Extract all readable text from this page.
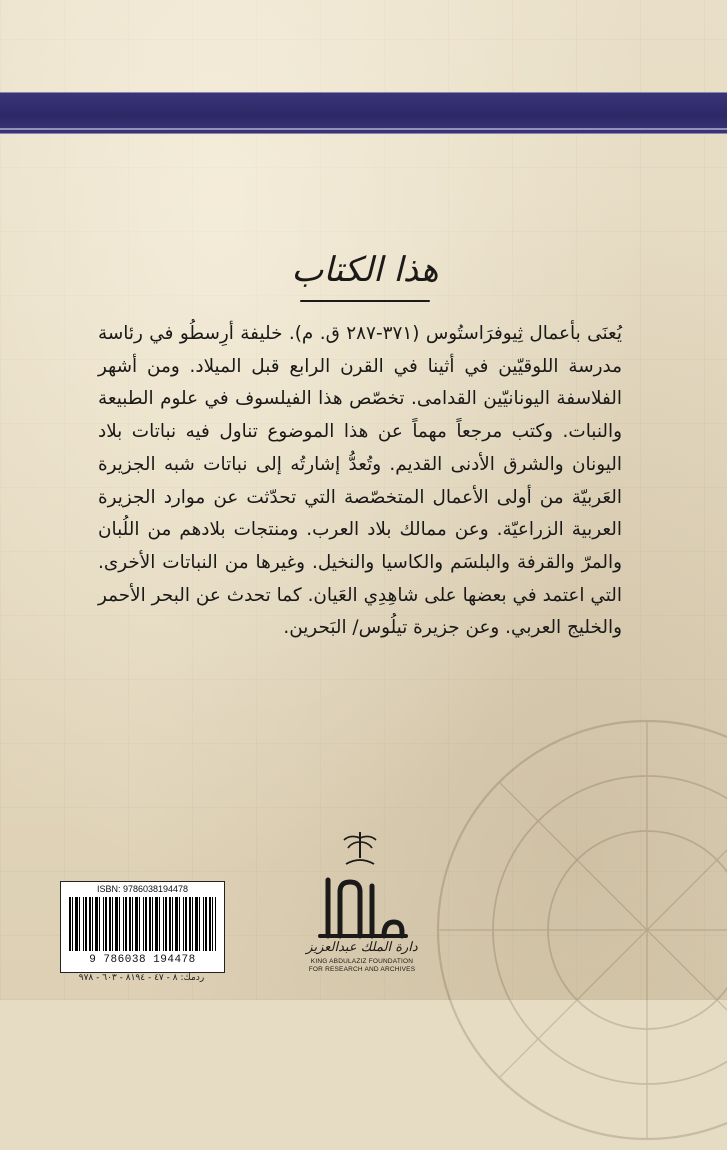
هذا الكتاب

يُعنَى بأعمال ثِيوفرَاستُوس (٣٧١-٢٨٧ ق. م). خليفة أرِسطُو في رئاسة مدرسة اللوقيّين في أثينا في القرن الرابع قبل الميلاد. ومن أشهر الفلاسفة اليونانيّين القدامى. تخصّص هذا الفيلسوف في علوم الطبيعة والنبات. وكتب مرجعاً مهماً عن هذا الموضوع تناول فيه نباتات بلاد اليونان والشرق الأدنى القديم. وتُعدُّ إشارتُه إلى نباتات شبه الجزيرة العَربيّة من أولى الأعمال المتخصّصة التي تحدّثت عن موارد الجزيرة العربية الزراعيّة. وعن ممالك بلاد العرب. ومنتجات بلادهم من اللُبان والمرّ والقرفة والبلسَم والكاسيا والنخيل. وغيرها من النباتات الأخرى. التي اعتمد في بعضها على شاهِدِي العَيان. كما تحدث عن البحر الأحمر والخليج العربي. وعن جزيرة تيلُوس/ البَحرين.

ISBN: 9786038194478
9 786038 194478
ردمك: ٨ - ٤٧ - ٨١٩٤ - ٦٠٣ - ٩٧٨
دارة الملك عبدالعزيز
KING ABDULAZIZ FOUNDATION
FOR RESEARCH AND ARCHIVES
